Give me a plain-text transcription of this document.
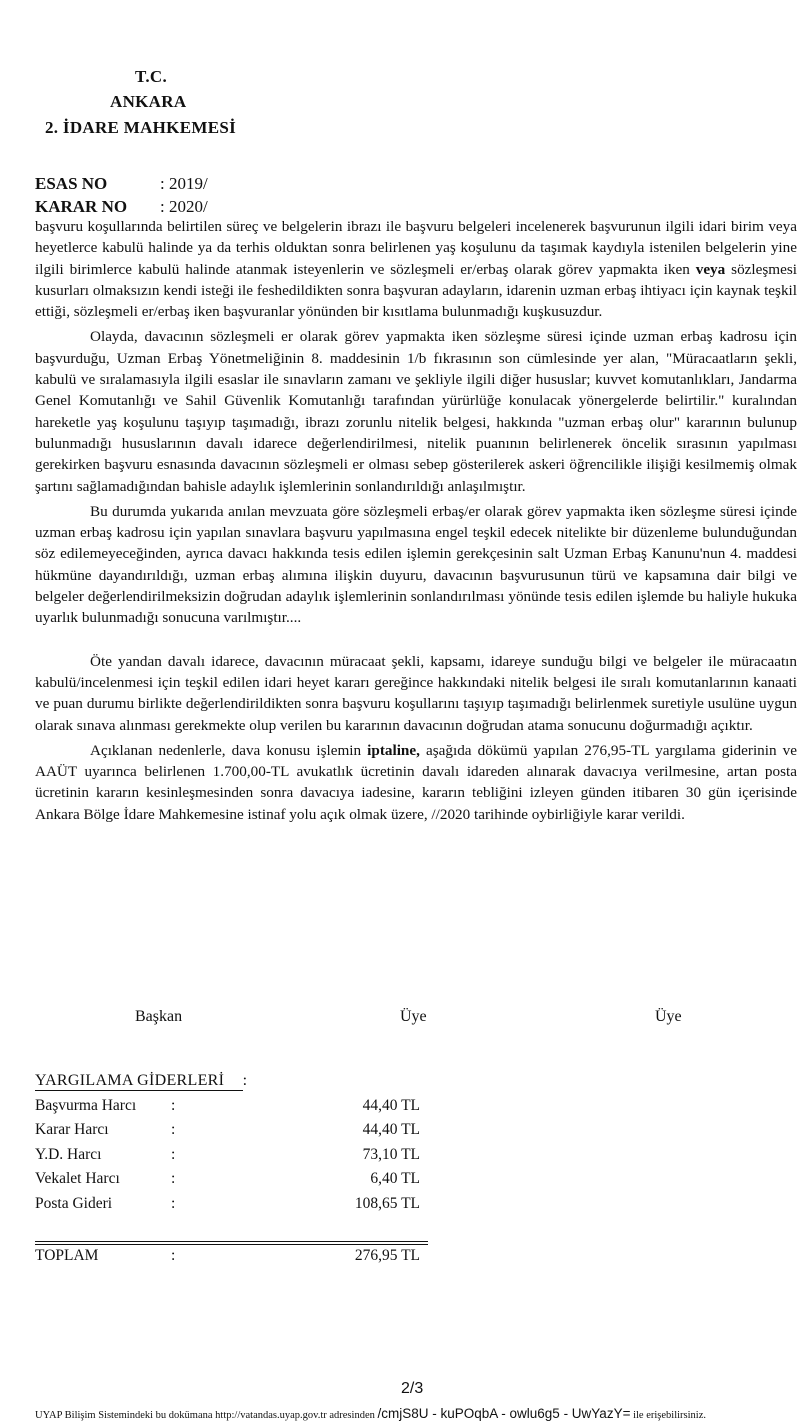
T.C.
ANKARA
2. İDARE MAHKEMESİ
ESAS NO	: 2019/
KARAR NO : 2020/

başvuru koşullarında belirtilen süreç ve belgelerin ibrazı ile başvuru belgeleri incelenerek başvurunun ilgili idari birim veya heyetlerce kabulü halinde ya da terhis olduktan sonra belirlenen yaş koşulunu da taşımak kaydıyla istenilen belgelerin yine ilgili birimlerce kabulü halinde atanmak isteyenlerin ve sözleşmeli er/erbaş olarak görev yapmakta iken veya sözleşmesi kusurları olmaksızın kendi isteği ile feshedildikten sonra başvuran adayların, idarenin uzman erbaş ihtiyacı için kaynak teşkil ettiği, sözleşmeli er/erbaş iken başvuranlar yönünden bir kısıtlama bulunmadığı kuşkusuzdur.

Olayda, davacının sözleşmeli er olarak görev yapmakta iken sözleşme süresi içinde uzman erbaş kadrosu için başvurduğu, Uzman Erbaş Yönetmeliğinin 8. maddesinin 1/b fıkrasının son cümlesinde yer alan, "Müracaatların şekli, kabulü ve sıralamasıyla ilgili esaslar ile sınavların zamanı ve şekliyle ilgili diğer hususlar; kuvvet komutanlıkları, Jandarma Genel Komutanlığı ve Sahil Güvenlik Komutanlığı tarafından yürürlüğe konulacak yönergelerde belirtilir." kuralından hareketle yaş koşulunu taşıyıp taşımadığı, ibrazı zorunlu nitelik belgesi, hakkında "uzman erbaş olur" kararının bulunup bulunmadığı hususlarının davalı idarece değerlendirilmesi, nitelik puanının belirlenerek öncelik sırasının yapılması gerekirken başvuru esnasında davacının sözleşmeli er olması sebep gösterilerek askeri öğrencilikle ilişiği kesilmemiş olmak şartını sağlamadığından bahisle adaylık işlemlerinin sonlandırıldığı anlaşılmıştır.

Bu durumda yukarıda anılan mevzuata göre sözleşmeli erbaş/er olarak görev yapmakta iken sözleşme süresi içinde uzman erbaş kadrosu için yapılan sınavlara başvuru yapılmasına engel teşkil edecek nitelikte bir düzenleme bulunduğundan söz edilemeyeceğinden, ayrıca davacı hakkında tesis edilen işlemin gerekçesinin salt Uzman Erbaş Kanunu'nun 4. maddesi hükmüne dayandırıldığı, uzman erbaş alımına ilişkin duyuru, davacının başvurusunun türü ve kapsamına dair bilgi ve belgeler değerlendirilmeksizin doğrudan adaylık işlemlerinin sonlandırılması yönünde tesis edilen işlemde bu haliyle hukuka uyarlık bulunmadığı sonucuna varılmıştır....

Öte yandan davalı idarece, davacının müracaat şekli, kapsamı, idareye sunduğu bilgi ve belgeler ile müracaatın kabulü/incelenmesi için teşkil edilen idari heyet kararı gereğince hakkındaki nitelik belgesi ile sıralı komutanlarının kanaati ve puan durumu birlikte değerlendirildikten sonra başvuru koşullarını taşıyıp taşımadığı belirlenmek suretiyle usulüne uygun olarak sınava alınması gerekmekte olup verilen bu kararının davacının doğrudan atama sonucunu doğurmadığı açıktır.

Açıklanan nedenlerle, dava konusu işlemin iptaline, aşağıda dökümü yapılan 276,95-TL yargılama giderinin ve AAÜT uyarınca belirlenen 1.700,00-TL avukatlık ücretinin davalı idareden alınarak davacıya verilmesine, artan posta ücretinin kararın kesinleşmesinden sonra davacıya iadesine, kararın tebliğini izleyen günden itibaren 30 gün içerisinde Ankara Bölge İdare Mahkemesine istinaf yolu açık olmak üzere, //2020 tarihinde oybirliğiyle karar verildi.

Başkan	Üye	Üye
YARGILAMA GİDERLERİ :
Başvurma Harcı :	44,40 TL
Karar Harcı	:	44,40 TL
Y.D. Harcı	:	73,10 TL
Vekalet Harcı	:	6,40 TL
Posta Gideri	:	108,65 TL
TOPLAM	:	276,95 TL
2/3
UYAP Bilişim Sistemindeki bu dokümana http://vatandas.uyap.gov.tr adresinden /cmjS8U - kuPOqbA - owlu6g5 - UwYazY= ile erişebilirsiniz.
